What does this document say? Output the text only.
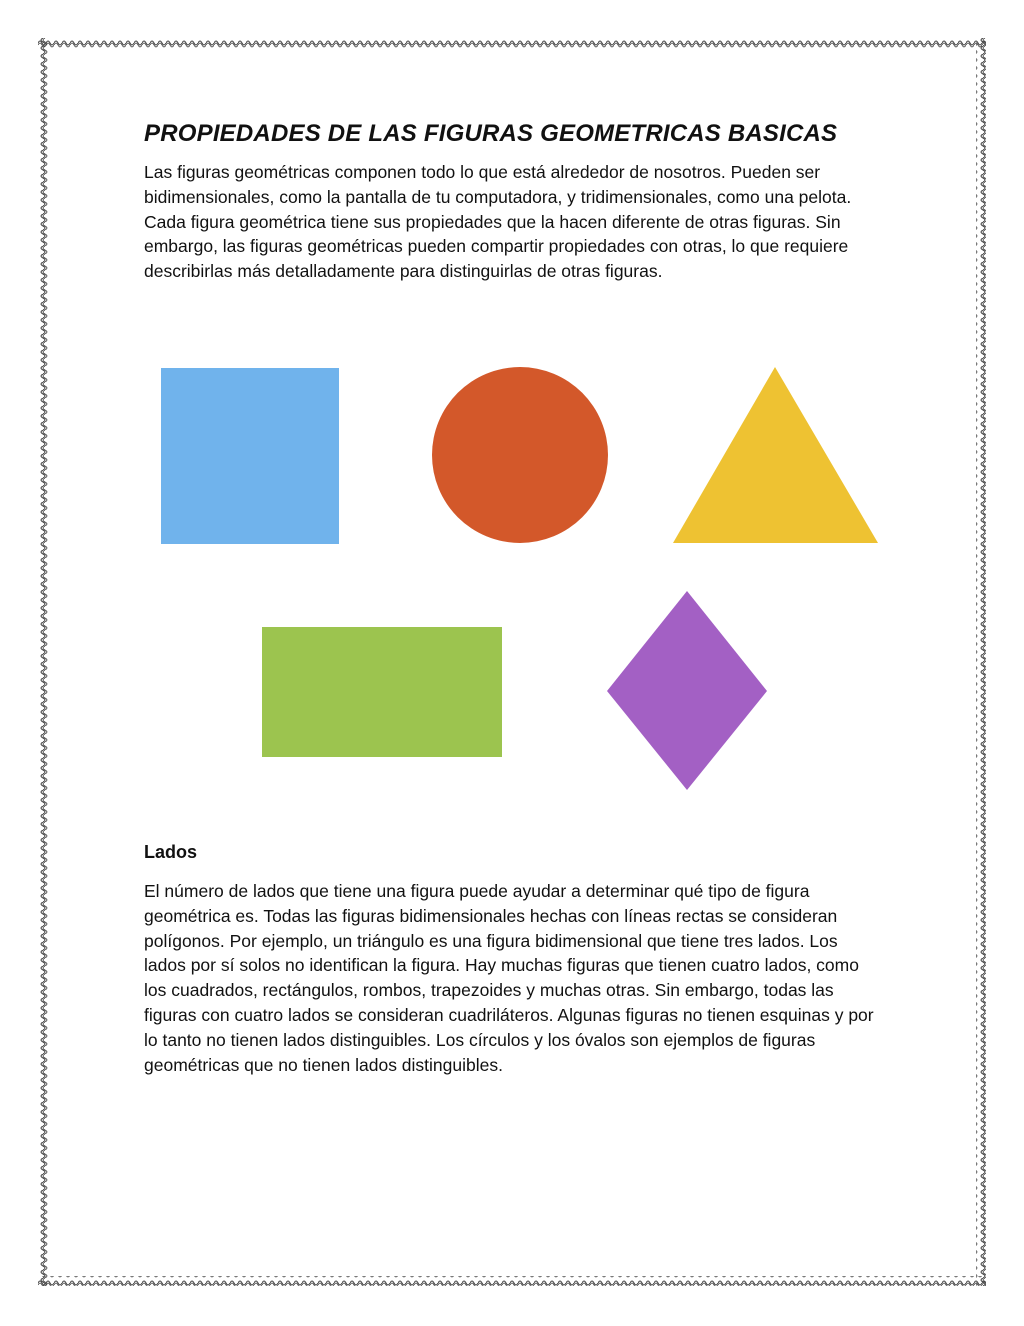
PROPIEDADES DE LAS FIGURAS GEOMETRICAS BASICAS

Las figuras geométricas componen todo lo que está alrededor de nosotros. Pueden ser bidimensionales, como la pantalla de tu computadora, y tridimensionales, como una pelota. Cada figura geométrica tiene sus propiedades que la hacen diferente de otras figuras. Sin embargo, las figuras geométricas pueden compartir propiedades con otras, lo que requiere describirlas más detalladamente para distinguirlas de otras figuras.

Lados

El número de lados que tiene una figura puede ayudar a determinar qué tipo de figura geométrica es. Todas las figuras bidimensionales hechas con líneas rectas se consideran polígonos. Por ejemplo, un triángulo es una figura bidimensional que tiene tres lados. Los lados por sí solos no identifican la figura. Hay muchas figuras que tienen cuatro lados, como los cuadrados, rectángulos, rombos, trapezoides y muchas otras. Sin embargo, todas las figuras con cuatro lados se consideran cuadriláteros. Algunas figuras no tienen esquinas y por lo tanto no tienen lados distinguibles. Los círculos y los óvalos son ejemplos de figuras geométricas que no tienen lados distinguibles.
